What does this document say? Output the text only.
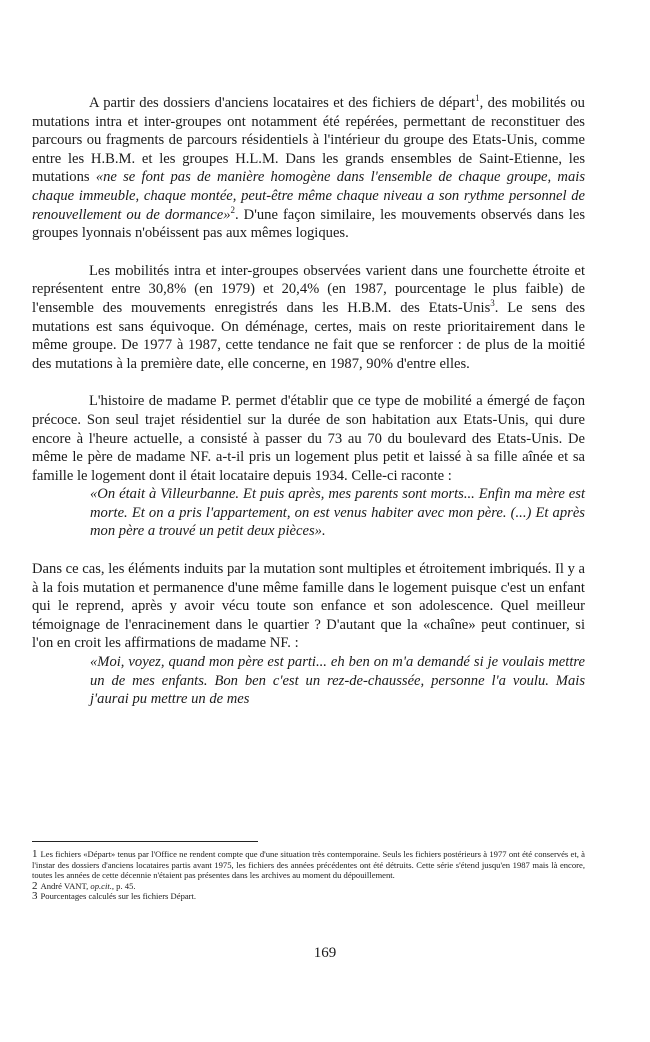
A partir des dossiers d'anciens locataires et des fichiers de départ$^1$, des mobilités ou mutations intra et inter-groupes ont notamment été repérées, permettant de reconstituer des parcours ou fragments de parcours résidentiels à l'intérieur du groupe des Etats-Unis, comme entre les H.B.M. et les groupes H.L.M. Dans les grands ensembles de Saint-Etienne, les mutations «ne se font pas de manière homogène dans l'ensemble de chaque groupe, mais chaque immeuble, chaque montée, peut-être même chaque niveau a son rythme personnel de renouvellement ou de dormance»$^2$. D'une façon similaire, les mouvements observés dans les groupes lyonnais n'obéissent pas aux mêmes logiques.

Les mobilités intra et inter-groupes observées varient dans une fourchette étroite et représentent entre 30,8% (en 1979) et 20,4% (en 1987, pourcentage le plus faible) de l'ensemble des mouvements enregistrés dans les H.B.M. des Etats-Unis$^3$. Le sens des mutations est sans équivoque. On déménage, certes, mais on reste prioritairement dans le même groupe. De 1977 à 1987, cette tendance ne fait que se renforcer : de plus de la moitié des mutations à la première date, elle concerne, en 1987, 90% d'entre elles.

L'histoire de madame P. permet d'établir que ce type de mobilité a émergé de façon précoce. Son seul trajet résidentiel sur la durée de son habitation aux Etats-Unis, qui dure encore à l'heure actuelle, a consisté à passer du 73 au 70 du boulevard des Etats-Unis. De même le père de madame NF. a-t-il pris un logement plus petit et laissé à sa fille aînée et sa famille le logement dont il était locataire depuis 1934. Celle-ci raconte :

«On était à Villeurbanne. Et puis après, mes parents sont morts... Enfin ma mère est morte. Et on a pris l'appartement, on est venus habiter avec mon père. (...) Et après mon père a trouvé un petit deux pièces».

Dans ce cas, les éléments induits par la mutation sont multiples et étroitement imbriqués. Il y a à la fois mutation et permanence d'une même famille dans le logement puisque c'est un enfant qui le reprend, après y avoir vécu toute son enfance et son adolescence. Quel meilleur témoignage de l'enracinement dans le quartier ? D'autant que la «chaîne» peut continuer, si l'on en croit les affirmations de madame NF. :

«Moi, voyez, quand mon père est parti... eh ben on m'a demandé si je voulais mettre un de mes enfants. Bon ben c'est un rez-de-chaussée, personne l'a voulu. Mais j'aurai pu mettre un de mes

1 Les fichiers «Départ» tenus par l'Office ne rendent compte que d'une situation très contemporaine. Seuls les fichiers postérieurs à 1977 ont été conservés et, à l'instar des dossiers d'anciens locataires partis avant 1975, les fichiers des années précédentes ont été détruits. Cette série s'étend jusqu'en 1987 mais là encore, toutes les années de cette décennie n'étaient pas présentes dans les archives au moment du dépouillement.

2 André VANT, op.cit., p. 45.

3 Pourcentages calculés sur les fichiers Départ.

169
